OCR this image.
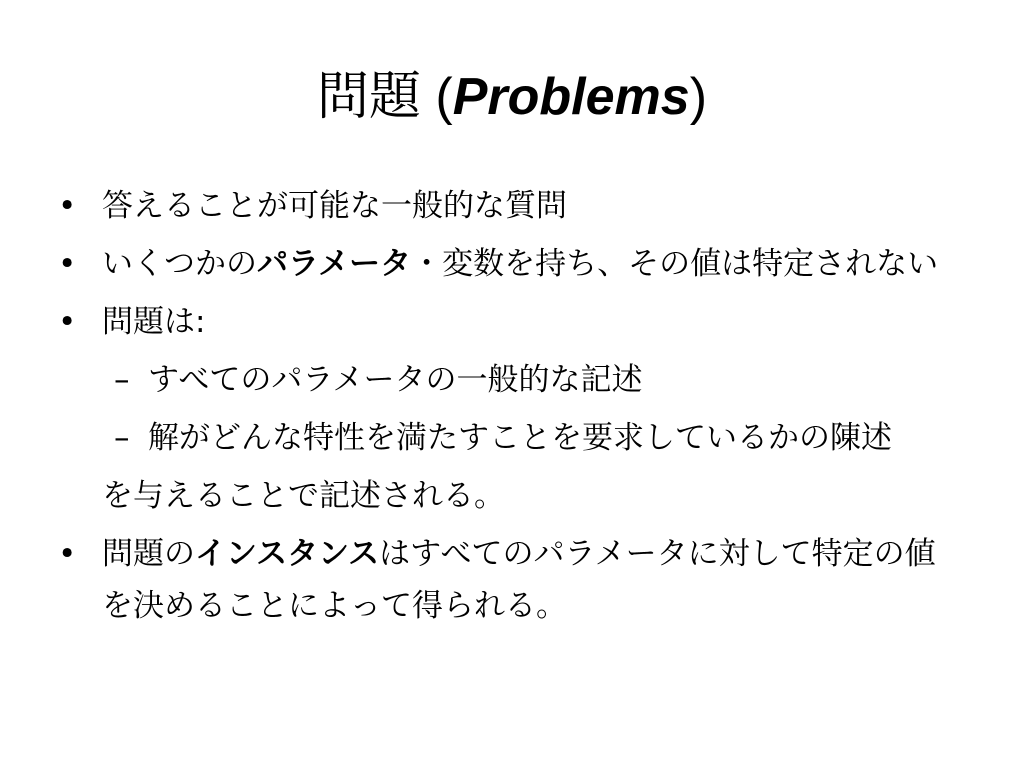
問題 (Problems)
• 答えることが可能な一般的な質問
• いくつかのパラメータ・変数を持ち、その値は特定されない
• 問題は:
– すべてのパラメータの一般的な記述
– 解がどんな特性を満たすことを要求しているかの陳述
を与えることで記述される。
• 問題のインスタンスはすべてのパラメータに対して特定の値を決めることによって得られる。
